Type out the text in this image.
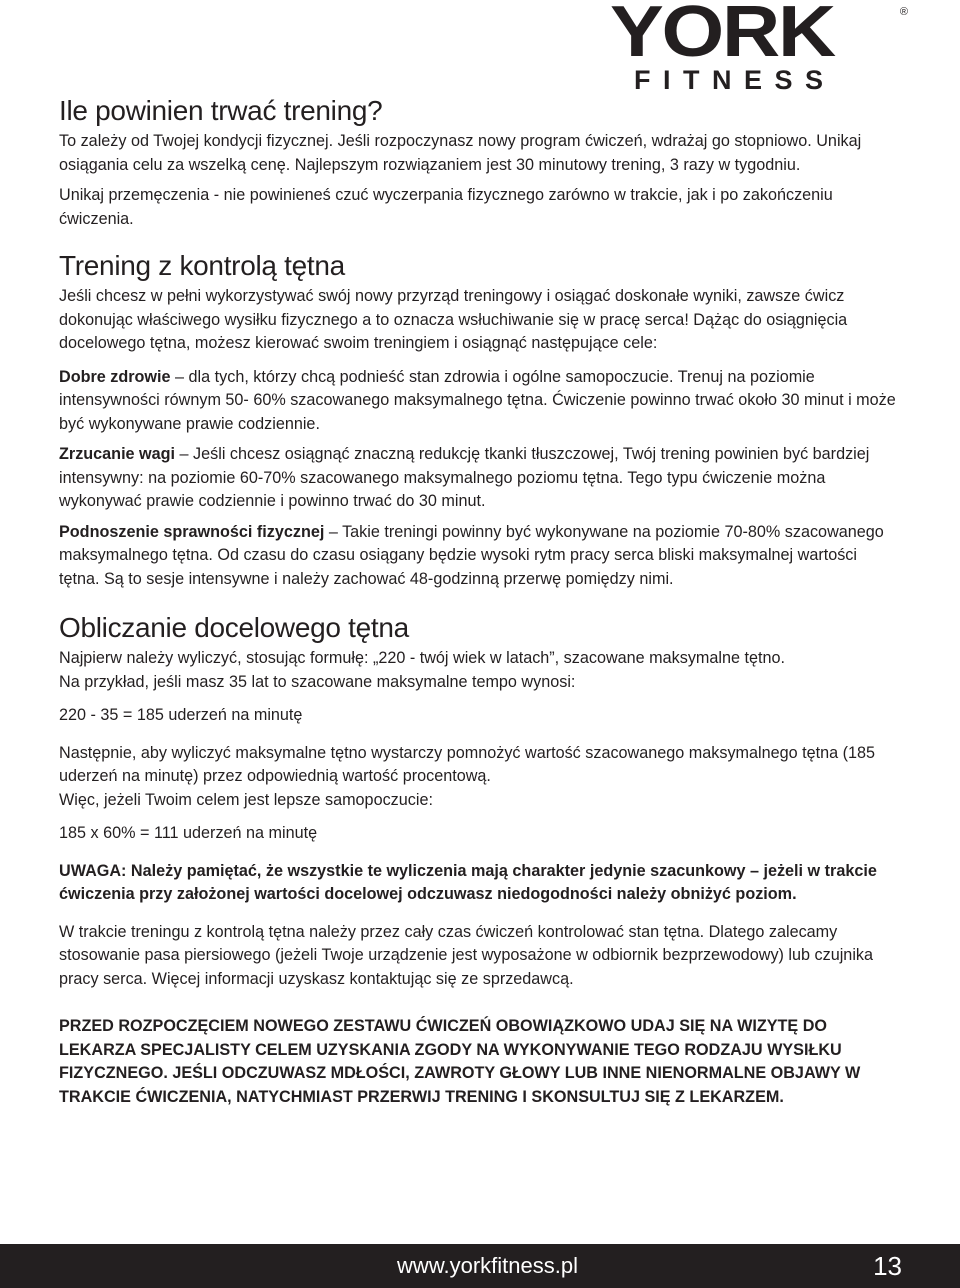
YORK	®
FITNESS
Ile powinien trwać trening?

To zależy od Twojej kondycji fizycznej. Jeśli rozpoczynasz nowy program ćwiczeń, wdrażaj go stopniowo. Unikaj osiągania celu za wszelką cenę. Najlepszym rozwiązaniem jest 30 minutowy trening, 3 razy w tygodniu.

Unikaj przemęczenia - nie powinieneś czuć wyczerpania fizycznego zarówno w trakcie, jak i po zakończeniu ćwiczenia.

Trening z kontrolą tętna

Jeśli chcesz w pełni wykorzystywać swój nowy przyrząd treningowy i osiągać doskonałe wyniki, zawsze ćwicz dokonując właściwego wysiłku fizycznego a to oznacza wsłuchiwanie się w pracę serca! Dążąc do osiągnięcia docelowego tętna, możesz kierować swoim treningiem i osiągnąć następujące cele:

Dobre zdrowie – dla tych, którzy chcą podnieść stan zdrowia i ogólne samopoczucie. Trenuj na poziomie intensywności równym 50- 60% szacowanego maksymalnego tętna. Ćwiczenie powinno trwać około 30 minut i może być wykonywane prawie codziennie.

Zrzucanie wagi – Jeśli chcesz osiągnąć znaczną redukcję tkanki tłuszczowej, Twój trening powinien być bardziej intensywny: na poziomie 60-70% szacowanego maksymalnego poziomu tętna. Tego typu ćwiczenie można wykonywać prawie codziennie i powinno trwać do 30 minut.

Podnoszenie sprawności fizycznej – Takie treningi powinny być wykonywane na poziomie 70-80% szacowanego maksymalnego tętna. Od czasu do czasu osiągany będzie wysoki rytm pracy serca bliski maksymalnej wartości tętna. Są to sesje intensywne i należy zachować 48-godzinną przerwę pomiędzy nimi.

Obliczanie docelowego tętna

Najpierw należy wyliczyć, stosując formułę: „220 - twój wiek w latach”, szacowane maksymalne tętno.

Na przykład, jeśli masz 35 lat to szacowane maksymalne tempo wynosi:

220 - 35 = 185 uderzeń na minutę

Następnie, aby wyliczyć maksymalne tętno wystarczy pomnożyć wartość szacowanego maksymalnego tętna (185 uderzeń na minutę) przez odpowiednią wartość procentową.

Więc, jeżeli Twoim celem jest lepsze samopoczucie:

185 x 60% = 111 uderzeń na minutę

UWAGA: Należy pamiętać, że wszystkie te wyliczenia mają charakter jedynie szacunkowy – jeżeli w trakcie ćwiczenia przy założonej wartości docelowej odczuwasz niedogodności należy obniżyć poziom.

W trakcie treningu z kontrolą tętna należy przez cały czas ćwiczeń kontrolować stan tętna. Dlatego zalecamy stosowanie pasa piersiowego (jeżeli Twoje urządzenie jest wyposażone w odbiornik bezprzewodowy) lub czujnika pracy serca. Więcej informacji uzyskasz kontaktując się ze sprzedawcą.

PRZED ROZPOCZĘCIEM NOWEGO ZESTAWU ĆWICZEŃ OBOWIĄZKOWO UDAJ SIĘ NA WIZYTĘ DO LEKARZA SPECJALISTY CELEM UZYSKANIA ZGODY NA WYKONYWANIE TEGO RODZAJU WYSIŁKU FIZYCZNEGO. JEŚLI ODCZUWASZ MDŁOŚCI, ZAWROTY GŁOWY LUB INNE NIENORMALNE OBJAWY W TRAKCIE ĆWICZENIA, NATYCHMIAST PRZERWIJ TRENING I SKONSULTUJ SIĘ Z LEKARZEM.

www.yorkfitness.pl	13
